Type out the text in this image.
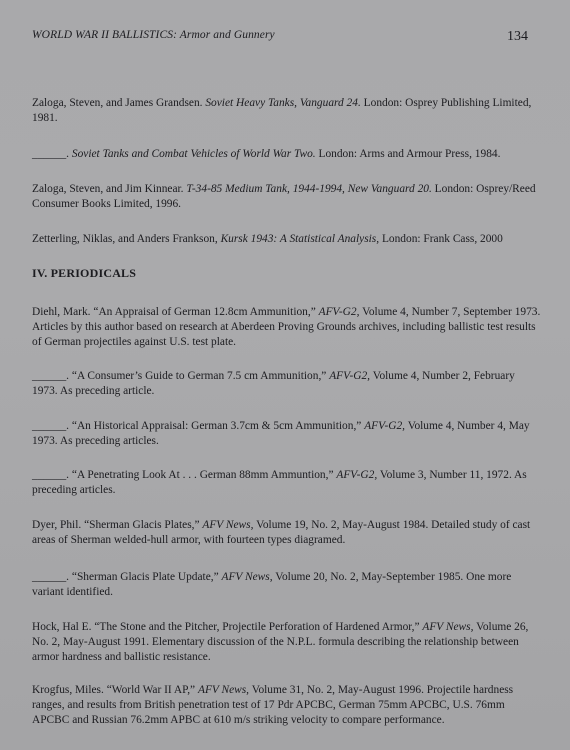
WORLD WAR II BALLISTICS: Armor and Gunnery	134
Zaloga, Steven, and James Grandsen. Soviet Heavy Tanks, Vanguard 24. London: Osprey Publishing Limited, 1981.
______. Soviet Tanks and Combat Vehicles of World War Two. London: Arms and Armour Press, 1984.
Zaloga, Steven, and Jim Kinnear. T-34-85 Medium Tank, 1944-1994, New Vanguard 20. London: Osprey/Reed Consumer Books Limited, 1996.
Zetterling, Niklas, and Anders Frankson, Kursk 1943: A Statistical Analysis, London: Frank Cass, 2000
IV. PERIODICALS
Diehl, Mark. “An Appraisal of German 12.8cm Ammunition,” AFV-G2, Volume 4, Number 7, September 1973. Articles by this author based on research at Aberdeen Proving Grounds archives, including ballistic test results of German projectiles against U.S. test plate.
______. “A Consumer’s Guide to German 7.5 cm Ammunition,” AFV-G2, Volume 4, Number 2, February 1973. As preceding article.
______. “An Historical Appraisal: German 3.7cm & 5cm Ammunition,” AFV-G2, Volume 4, Number 4, May 1973. As preceding articles.
______. “A Penetrating Look At . . . German 88mm Ammuntion,” AFV-G2, Volume 3, Number 11, 1972. As preceding articles.
Dyer, Phil. “Sherman Glacis Plates,” AFV News, Volume 19, No. 2, May-August 1984. Detailed study of cast areas of Sherman welded-hull armor, with fourteen types diagramed.
______. “Sherman Glacis Plate Update,” AFV News, Volume 20, No. 2, May-September 1985. One more variant identified.
Hock, Hal E. “The Stone and the Pitcher, Projectile Perforation of Hardened Armor,” AFV News, Volume 26, No. 2, May-August 1991. Elementary discussion of the N.P.L. formula describing the relationship between armor hardness and ballistic resistance.
Krogfus, Miles. “World War II AP,” AFV News, Volume 31, No. 2, May-August 1996. Projectile hardness ranges, and results from British penetration test of 17 Pdr APCBC, German 75mm APCBC, U.S. 76mm APCBC and Russian 76.2mm APBC at 610 m/s striking velocity to compare performance.
